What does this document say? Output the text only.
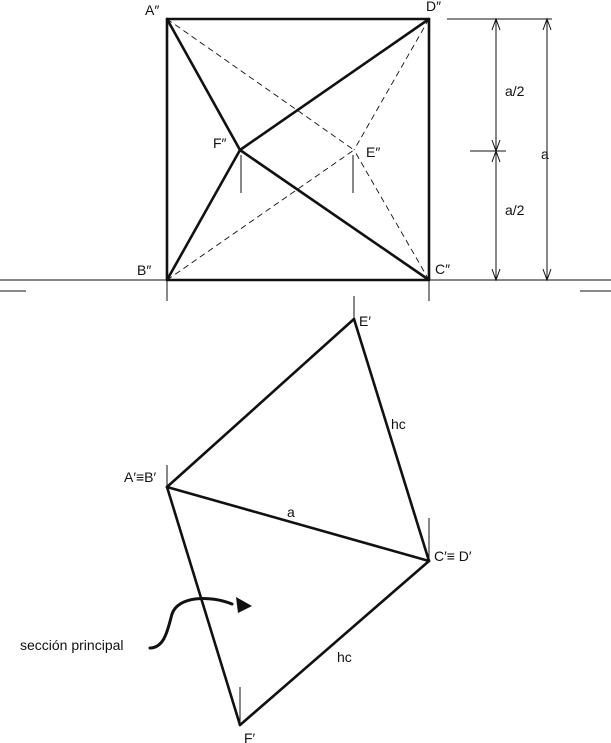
A″	D″
F″
E″
B″	C″
a/2
a/2
a
E′
A′≡B′
C′≡ D′
F′
hc
a
hc
sección principal
